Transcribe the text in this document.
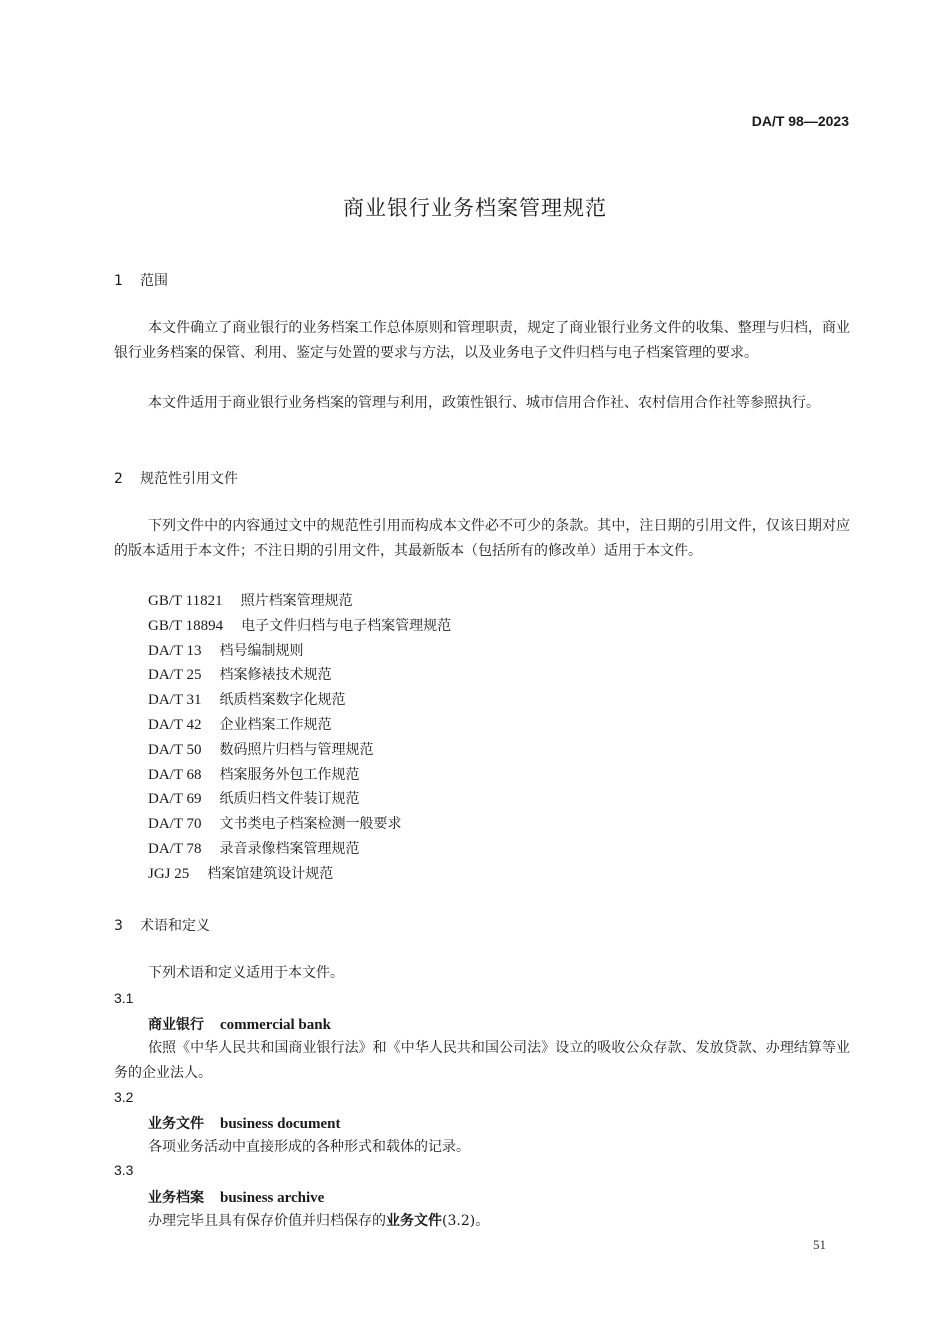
DA/T 98—2023
商业银行业务档案管理规范
1 范围

本文件确立了商业银行的业务档案工作总体原则和管理职责，规定了商业银行业务文件的收集、整理与归档，商业银行业务档案的保管、利用、鉴定与处置的要求与方法，以及业务电子文件归档与电子档案管理的要求。

本文件适用于商业银行业务档案的管理与利用，政策性银行、城市信用合作社、农村信用合作社等参照执行。

2 规范性引用文件

下列文件中的内容通过文中的规范性引用而构成本文件必不可少的条款。其中，注日期的引用文件，仅该日期对应的版本适用于本文件；不注日期的引用文件，其最新版本（包括所有的修改单）适用于本文件。

GB/T 11821 照片档案管理规范
GB/T 18894 电子文件归档与电子档案管理规范
DA/T 13 档号编制规则
DA/T 25 档案修裱技术规范
DA/T 31 纸质档案数字化规范
DA/T 42 企业档案工作规范
DA/T 50 数码照片归档与管理规范
DA/T 68 档案服务外包工作规范
DA/T 69 纸质归档文件装订规范
DA/T 70 文书类电子档案检测一般要求
DA/T 78 录音录像档案管理规范
JGJ 25 档案馆建筑设计规范
3 术语和定义
下列术语和定义适用于本文件。
3.1
商业银行 commercial bank

依照《中华人民共和国商业银行法》和《中华人民共和国公司法》设立的吸收公众存款、发放贷款、办理结算等业务的企业法人。

3.2
业务文件 business document
各项业务活动中直接形成的各种形式和载体的记录。
3.3
业务档案 business archive
办理完毕且具有保存价值并归档保存的业务文件(3.2)。
51
